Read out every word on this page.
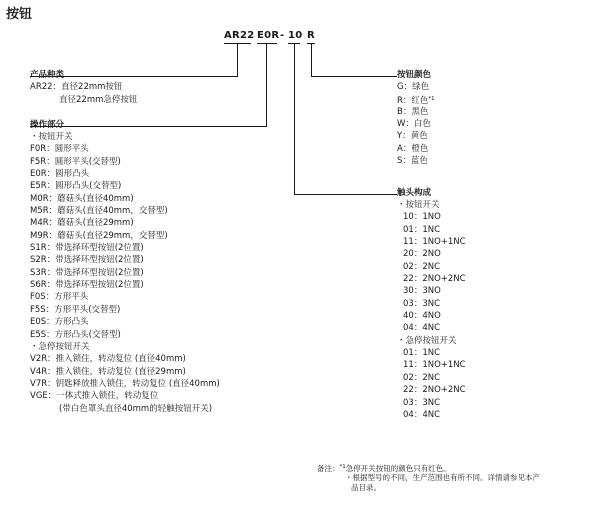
按钮
AR22 E0R - 10 R
产品种类
AR22：直径22mm按钮
直径22mm急停按钮
操作部分
・按钮开关
F0R：圆形平头
F5R：圆形平头(交替型)
E0R：圆形凸头
E5R：圆形凸头(交替型)
M0R：蘑菇头(直径40mm)
M5R：蘑菇头(直径40mm，交替型)
M4R：蘑菇头(直径29mm)
M9R：蘑菇头(直径29mm，交替型)
S1R：带选择环型按钮(2位置)
S2R：带选择环型按钮(2位置)
S3R：带选择环型按钮(2位置)
S6R：带选择环型按钮(2位置)
F0S：方形平头
F5S：方形平头(交替型)
E0S：方形凸头
E5S：方形凸头(交替型)
・急停按钮开关
V2R：推入锁住，转动复位 (直径40mm)
V4R：推入锁住，转动复位 (直径29mm)
V7R：钥匙释放推入锁住，转动复位 (直径40mm)
VGE：一体式推入锁住，转动复位
(带白色罩头直径40mm的轻触按钮开关)
按钮颜色
G：绿色
R：红色$^{*1}$
B：黑色
W：白色
Y：黄色
A：橙色
S：蓝色
触头构成
・按钮开关
10：1NO
01：1NC
11：1NO+1NC
20：2NO
02：2NC
22：2NO+2NC
30：3NO
03：3NC
40：4NO
04：4NC
・急停按钮开关
01：1NC
11：1NO+1NC
02：2NC
22：2NO+2NC
03：3NC
04：4NC
备注：$^{*1}$急停开关按钮的颜色只有红色。
・根据型号的不同，生产范围也有所不同。详情请参见本产
品目录。
